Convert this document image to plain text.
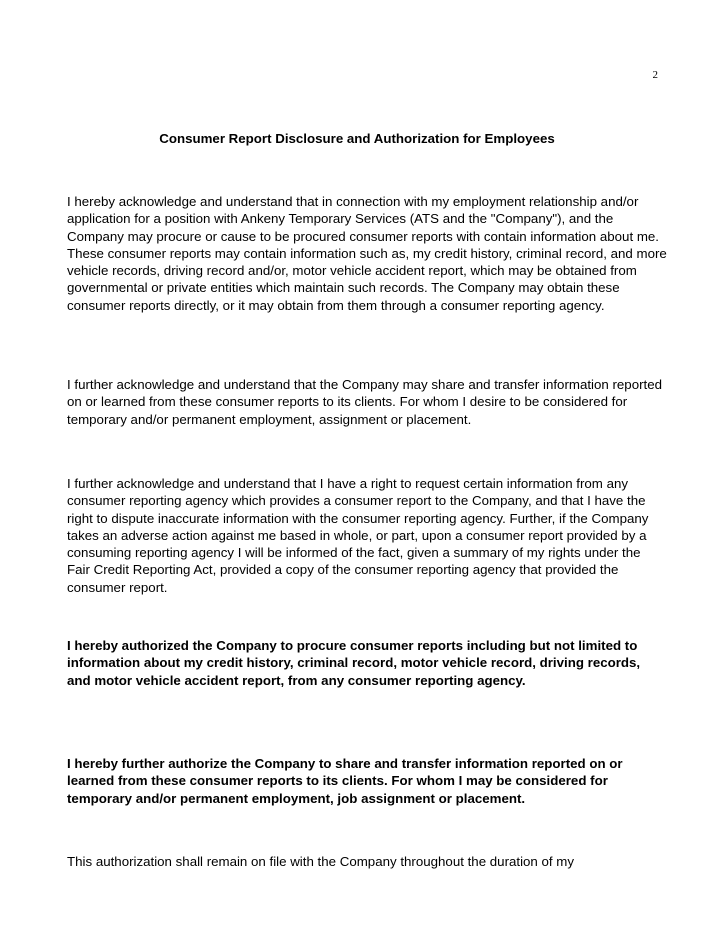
2
Consumer Report Disclosure and Authorization for Employees

I hereby acknowledge and understand that in connection with my employment relationship and/or application for a position with Ankeny Temporary Services (ATS and the "Company"), and the Company may procure or cause to be procured consumer reports with contain information about me. These consumer reports may contain information such as, my credit history, criminal record, and more vehicle records, driving record and/or, motor vehicle accident report, which may be obtained from governmental or private entities which maintain such records. The Company may obtain these consumer reports directly, or it may obtain from them through a consumer reporting agency.

I further acknowledge and understand that the Company may share and transfer information reported on or learned from these consumer reports to its clients. For whom I desire to be considered for temporary and/or permanent employment, assignment or placement.

I further acknowledge and understand that I have a right to request certain information from any consumer reporting agency which provides a consumer report to the Company, and that I have the right to dispute inaccurate information with the consumer reporting agency. Further, if the Company takes an adverse action against me based in whole, or part, upon a consumer report provided by a consuming reporting agency I will be informed of the fact, given a summary of my rights under the Fair Credit Reporting Act, provided a copy of the consumer reporting agency that provided the consumer report.

I hereby authorized the Company to procure consumer reports including but not limited to information about my credit history, criminal record, motor vehicle record, driving records, and motor vehicle accident report, from any consumer reporting agency.

I hereby further authorize the Company to share and transfer information reported on or learned from these consumer reports to its clients. For whom I may be considered for temporary and/or permanent employment, job assignment or placement.

This authorization shall remain on file with the Company throughout the duration of my
